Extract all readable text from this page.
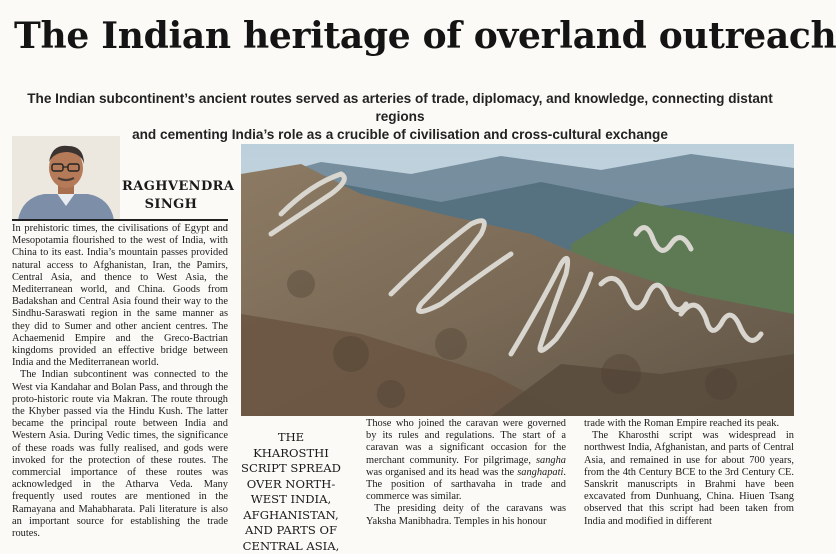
The Indian heritage of overland outreach
The Indian subcontinent’s ancient routes served as arteries of trade, diplomacy, and knowledge, connecting distant regions
and cementing India’s role as a crucible of civilisation and cross-cultural exchange
RAGHVENDRA
SINGH

In prehistoric times, the civilisations of Egypt and Mesopotamia flourished to the west of India, with China to its east. India’s mountain passes provided natural access to Afghanistan, Iran, the Pamirs, Central Asia, and thence to West Asia, the Mediterranean world, and China. Goods from Badakshan and Central Asia found their way to the Sindhu-Saraswati region in the same manner as they did to Sumer and other ancient centres. The Achaemenid Empire and the Greco-Bactrian kingdoms provided an effective bridge between India and the Mediterranean world.

The Indian subcontinent was connected to the West via Kandahar and Bolan Pass, and through the proto-historic route via Makran. The route through the Khyber passed via the Hindu Kush. The latter became the principal route between India and Western Asia. During Vedic times, the significance of these roads was fully realised, and gods were invoked for the protection of these routes. The commercial importance of these routes was acknowledged in the Atharva Veda. Many frequently used routes are mentioned in the Ramayana and Mahabharata. Pali literature is also an important source for establishing the trade routes.

THE KHAROSTHI SCRIPT SPREAD OVER NORTH-WEST INDIA, AFGHANISTAN, AND PARTS OF CENTRAL ASIA,

Those who joined the caravan were governed by its rules and regulations. The start of a caravan was a significant occasion for the merchant community. For pilgrimage, sangha was organised and its head was the sanghapati. The position of sarthavaha in trade and commerce was similar.

The presiding deity of the caravans was Yaksha Manibhadra. Temples in his honour

trade with the Roman Empire reached its peak.

The Kharosthi script was widespread in northwest India, Afghanistan, and parts of Central Asia, and remained in use for about 700 years, from the 4th Century BCE to the 3rd Century CE. Sanskrit manuscripts in Brahmi have been excavated from Dunhuang, China. Hiuen Tsang observed that this script had been taken from India and modified in different
